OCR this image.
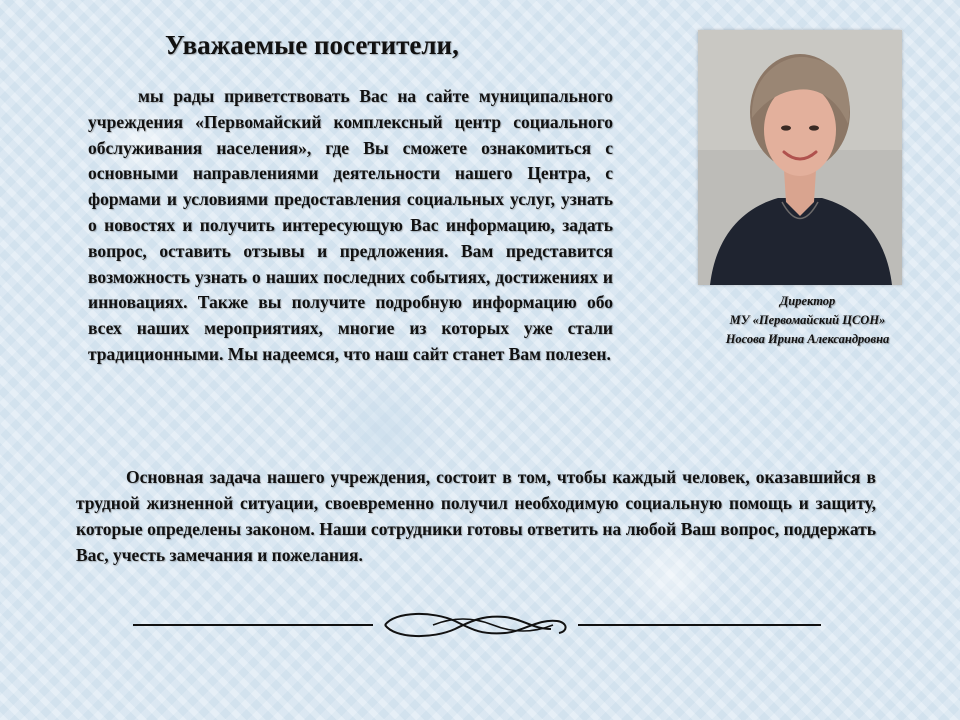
Уважаемые посетители,

мы рады приветствовать Вас на сайте муниципального учреждения «Первомайский комплексный центр социального обслуживания населения», где Вы сможете ознакомиться с основными направлениями деятельности нашего Центра, с формами и условиями предоставления социальных услуг, узнать о новостях и получить интересующую Вас информацию, задать вопрос, оставить отзывы и предложения. Вам представится возможность узнать о наших последних событиях, достижениях и инновациях. Также вы получите подробную информацию обо всех наших мероприятиях, многие из которых уже стали традиционными. Мы надеемся, что наш сайт станет Вам полезен.

Директор
МУ «Первомайский ЦСОН»
Носова Ирина Александровна

Основная задача нашего учреждения, состоит в том, чтобы каждый человек, оказавшийся в трудной жизненной ситуации, своевременно получил необходимую социальную помощь и защиту, которые определены законом. Наши сотрудники готовы ответить на любой Ваш вопрос, поддержать Вас, учесть замечания и пожелания.
